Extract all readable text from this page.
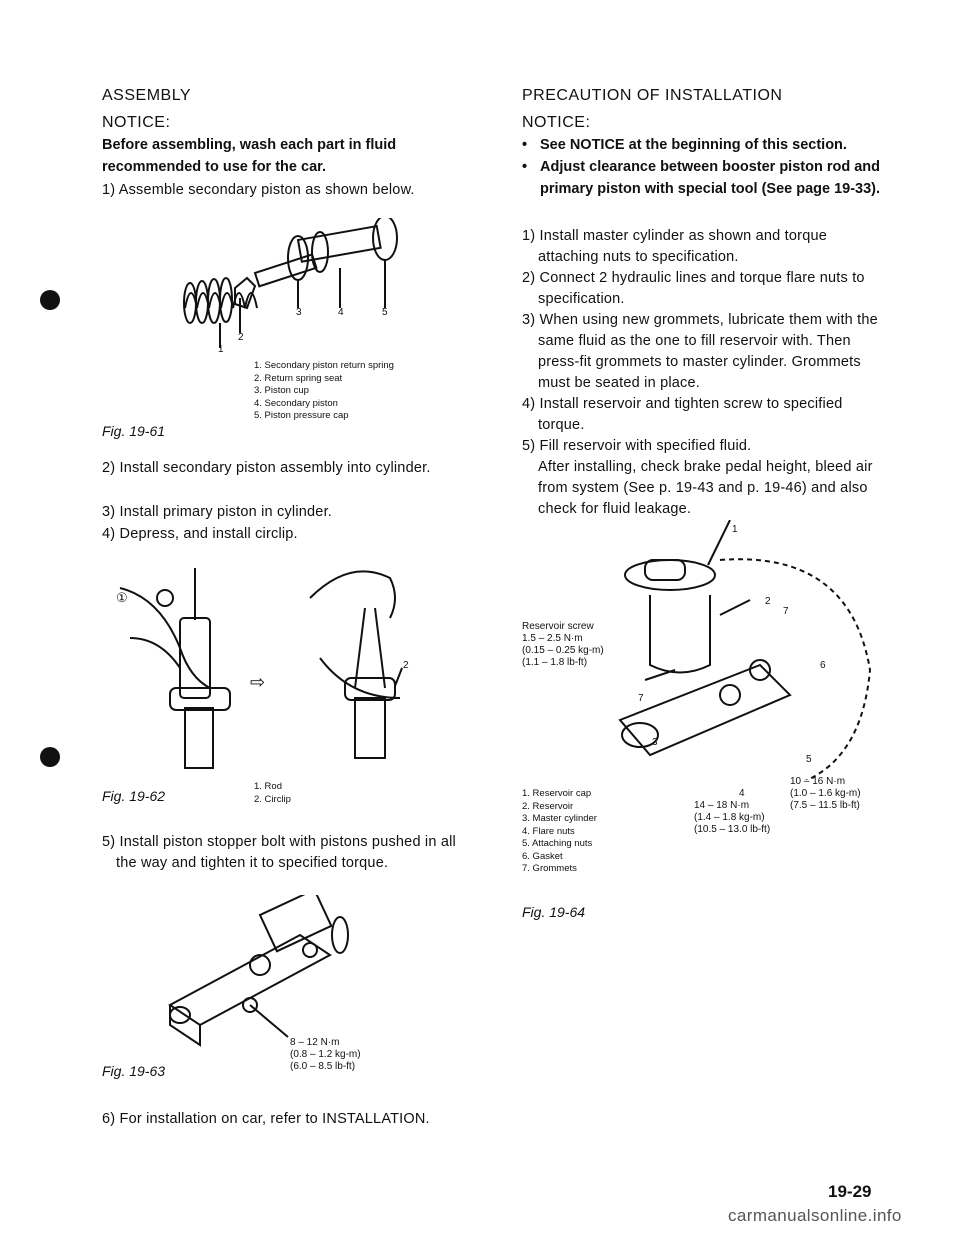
ASSEMBLY
NOTICE:
Before assembling, wash each part in fluid
recommended to use for the car.
1) Assemble secondary piston as shown below.
1
2
3	4	5
1. Secondary piston return spring
2. Return spring seat
3. Piston cup
4. Secondary piston
5. Piston pressure cap
Fig. 19-61
2) Install secondary piston assembly into cylinder.
3) Install primary piston in cylinder.
4) Depress, and install circlip.
①
2
⇨
1. Rod
2. Circlip
Fig. 19-62
5) Install piston stopper bolt with pistons pushed in all the way and tighten it to specified torque.
8 – 12 N·m
(0.8 – 1.2 kg-m)
(6.0 – 8.5 lb-ft)
Fig. 19-63
6) For installation on car, refer to INSTALLATION.
PRECAUTION OF INSTALLATION
NOTICE:
• See NOTICE at the beginning of this section.
• Adjust clearance between booster piston rod and primary piston with special tool (See page 19-33).
1) Install master cylinder as shown and torque attaching nuts to specification.
2) Connect 2 hydraulic lines and torque flare nuts to specification.
3) When using new grommets, lubricate them with the same fluid as the one to fill reservoir with. Then press-fit grommets to master cylinder. Grommets must be seated in place.
4) Install reservoir and tighten screw to specified torque.
5) Fill reservoir with specified fluid.
After installing, check brake pedal height, bleed air from system (See p. 19-43 and p. 19-46) and also check for fluid leakage.
1
2
3
4
5
6
7
7
Reservoir screw
1.5 – 2.5 N·m
(0.15 – 0.25 kg-m)
(1.1 – 1.8 lb-ft)
1. Reservoir cap
2. Reservoir
3. Master cylinder
4. Flare nuts
5. Attaching nuts
6. Gasket
7. Grommets
14 – 18 N·m
(1.4 – 1.8 kg-m)
(10.5 – 13.0 lb-ft)
10 – 16 N·m
(1.0 – 1.6 kg-m)
(7.5 – 11.5 lb-ft)
Fig. 19-64
19-29
carmanualsonline.info
